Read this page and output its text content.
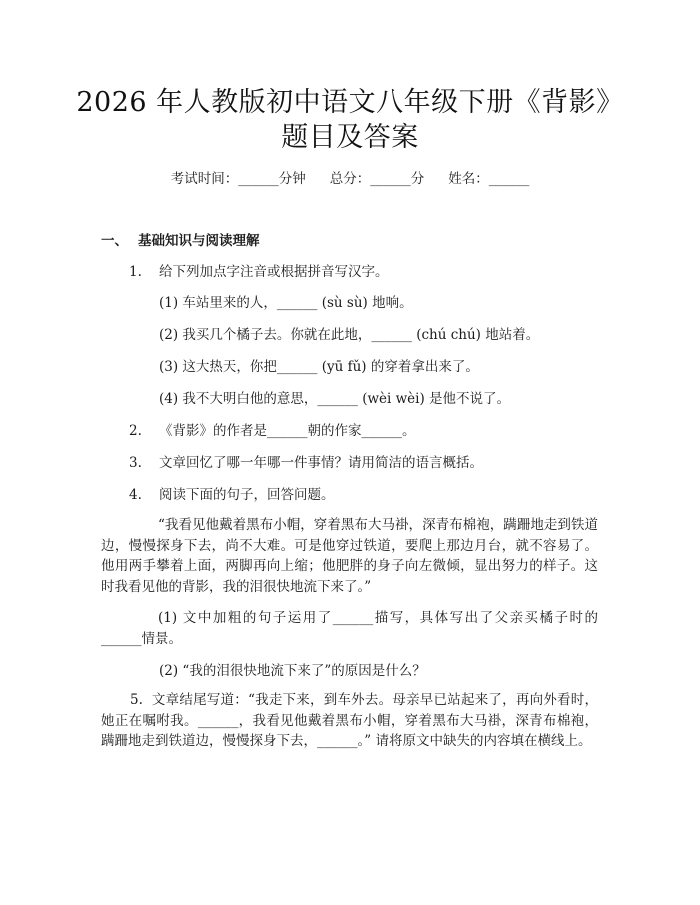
2026 年人教版初中语文八年级下册《背影》
题目及答案
考试时间：______分钟 总分：______分 姓名：______
一、 基础知识与阅读理解
1. 给下列加点字注音或根据拼音写汉字。
(1) 车站里来的人，______ (sù sù) 地响。
(2) 我买几个橘子去。你就在此地，______ (chú chú) 地站着。
(3) 这大热天，你把______ (yū fǔ) 的穿着拿出来了。
(4) 我不大明白他的意思，______ (wèi wèi) 是他不说了。
2. 《背影》的作者是______朝的作家______。
3. 文章回忆了哪一年哪一件事情？请用简洁的语言概括。
4. 阅读下面的句子，回答问题。
“我看见他戴着黑布小帽，穿着黑布大马褂，深青布棉袍，蹒跚地走到铁道边，慢慢探身下去，尚不大难。可是他穿过铁道，要爬上那边月台，就不容易了。他用两手攀着上面，两脚再向上缩；他肥胖的身子向左微倾，显出努力的样子。这时我看见他的背影，我的泪很快地流下来了。”
(1) 文中加粗的句子运用了______描写，具体写出了父亲买橘子时的______情景。
(2) “我的泪很快地流下来了”的原因是什么？
5. 文章结尾写道：“我走下来，到车外去。母亲早已站起来了，再向外看时，她正在嘱咐我。______，我看见他戴着黑布小帽，穿着黑布大马褂，深青布棉袍，蹒跚地走到铁道边，慢慢探身下去，______。” 请将原文中缺失的内容填在横线上。
